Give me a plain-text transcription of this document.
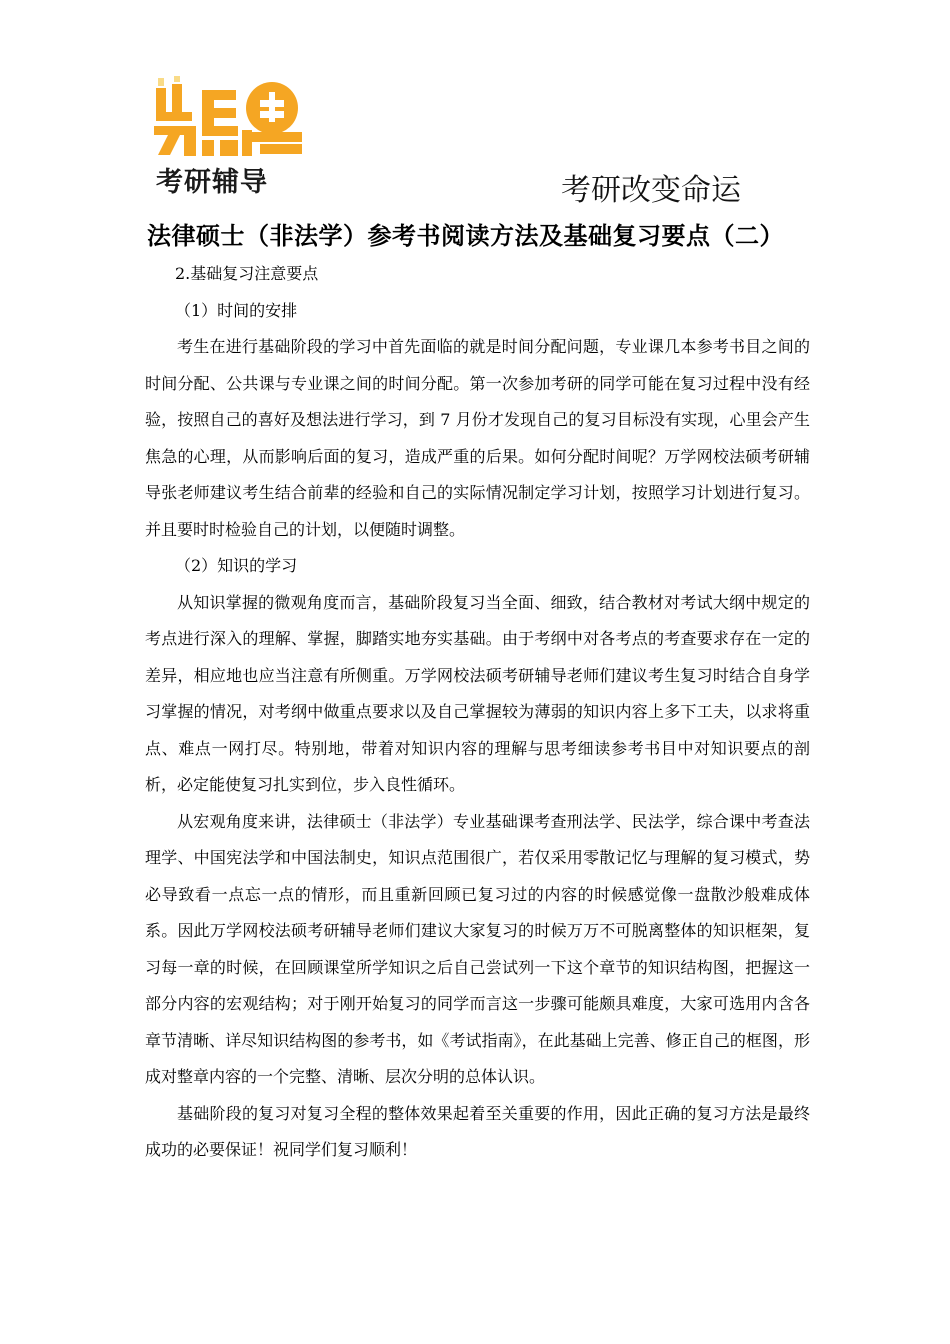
考研辅导	考研改变命运
法律硕士（非法学）参考书阅读方法及基础复习要点（二）

2.基础复习注意要点

（1）时间的安排

考生在进行基础阶段的学习中首先面临的就是时间分配问题，专业课几本参考书目之间的时间分配、公共课与专业课之间的时间分配。第一次参加考研的同学可能在复习过程中没有经验，按照自己的喜好及想法进行学习，到 7 月份才发现自己的复习目标没有实现，心里会产生焦急的心理，从而影响后面的复习，造成严重的后果。如何分配时间呢？万学网校法硕考研辅导张老师建议考生结合前辈的经验和自己的实际情况制定学习计划，按照学习计划进行复习。并且要时时检验自己的计划，以便随时调整。

（2）知识的学习

从知识掌握的微观角度而言，基础阶段复习当全面、细致，结合教材对考试大纲中规定的考点进行深入的理解、掌握，脚踏实地夯实基础。由于考纲中对各考点的考查要求存在一定的差异，相应地也应当注意有所侧重。万学网校法硕考研辅导老师们建议考生复习时结合自身学习掌握的情况，对考纲中做重点要求以及自己掌握较为薄弱的知识内容上多下工夫，以求将重点、难点一网打尽。特别地，带着对知识内容的理解与思考细读参考书目中对知识要点的剖析，必定能使复习扎实到位，步入良性循环。

从宏观角度来讲，法律硕士（非法学）专业基础课考查刑法学、民法学，综合课中考查法理学、中国宪法学和中国法制史，知识点范围很广，若仅采用零散记忆与理解的复习模式，势必导致看一点忘一点的情形，而且重新回顾已复习过的内容的时候感觉像一盘散沙般难成体系。因此万学网校法硕考研辅导老师们建议大家复习的时候万万不可脱离整体的知识框架，复习每一章的时候，在回顾课堂所学知识之后自己尝试列一下这个章节的知识结构图，把握这一部分内容的宏观结构；对于刚开始复习的同学而言这一步骤可能颇具难度，大家可选用内含各章节清晰、详尽知识结构图的参考书，如《考试指南》，在此基础上完善、修正自己的框图，形成对整章内容的一个完整、清晰、层次分明的总体认识。

基础阶段的复习对复习全程的整体效果起着至关重要的作用，因此正确的复习方法是最终成功的必要保证！祝同学们复习顺利！
